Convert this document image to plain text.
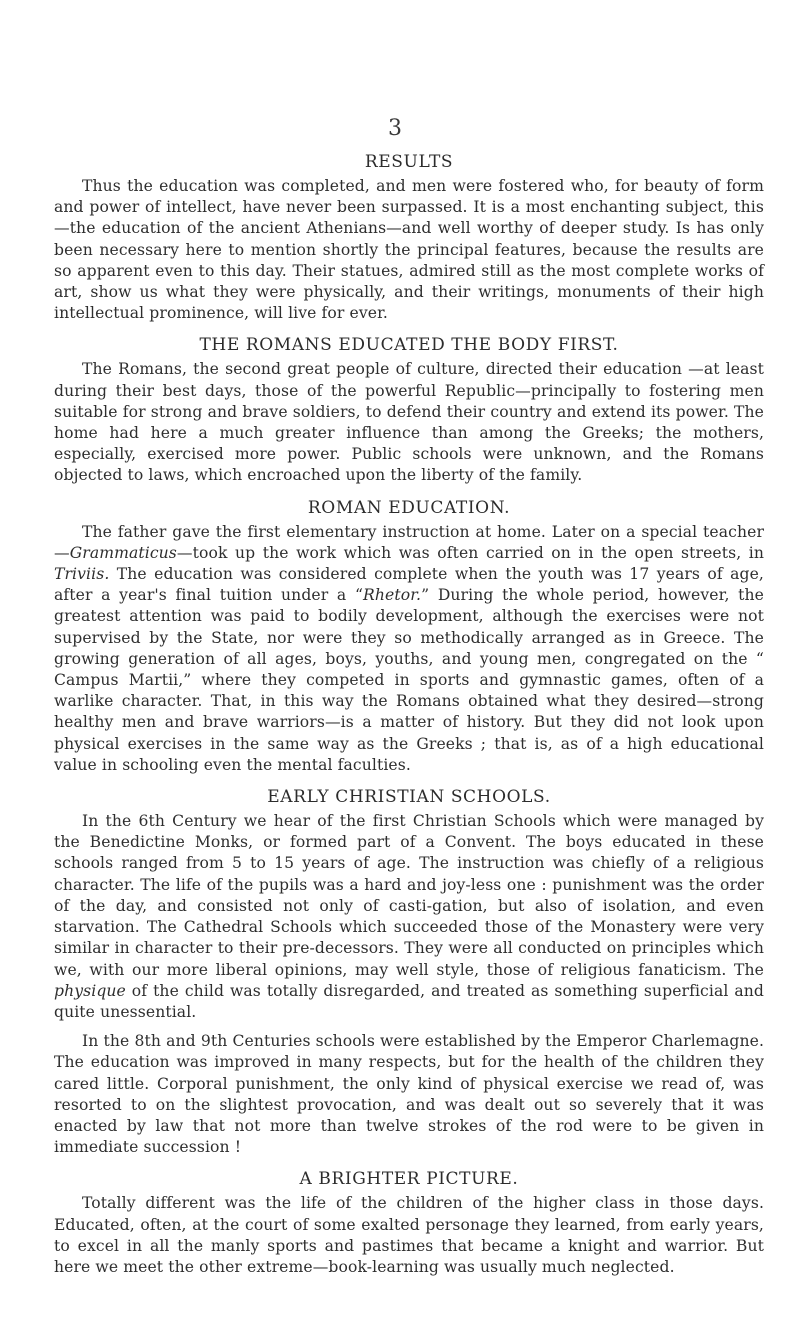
3
RESULTS

Thus the education was completed, and men were fostered who, for beauty of form and power of intellect, have never been surpassed. It is a most enchanting subject, this—the education of the ancient Athenians—and well worthy of deeper study. Is has only been necessary here to mention shortly the principal features, because the results are so apparent even to this day. Their statues, admired still as the most complete works of art, show us what they were physically, and their writings, monuments of their high intellectual prominence, will live for ever.

THE ROMANS EDUCATED THE BODY FIRST.

The Romans, the second great people of culture, directed their education —at least during their best days, those of the powerful Republic—principally to fostering men suitable for strong and brave soldiers, to defend their country and extend its power. The home had here a much greater influence than among the Greeks; the mothers, especially, exercised more power. Public schools were unknown, and the Romans objected to laws, which encroached upon the liberty of the family.

ROMAN EDUCATION.

The father gave the first elementary instruction at home. Later on a special teacher—Grammaticus—took up the work which was often carried on in the open streets, in Triviis. The education was considered complete when the youth was 17 years of age, after a year's final tuition under a “Rhetor.” During the whole period, however, the greatest attention was paid to bodily development, although the exercises were not supervised by the State, nor were they so methodically arranged as in Greece. The growing generation of all ages, boys, youths, and young men, congregated on the “ Campus Martii,” where they competed in sports and gymnastic games, often of a warlike character. That, in this way the Romans obtained what they desired—strong healthy men and brave warriors—is a matter of history. But they did not look upon physical exercises in the same way as the Greeks ; that is, as of a high educational value in schooling even the mental faculties.

EARLY CHRISTIAN SCHOOLS.

In the 6th Century we hear of the first Christian Schools which were managed by the Benedictine Monks, or formed part of a Convent. The boys educated in these schools ranged from 5 to 15 years of age. The instruction was chiefly of a religious character. The life of the pupils was a hard and joy-less one : punishment was the order of the day, and consisted not only of casti-gation, but also of isolation, and even starvation. The Cathedral Schools which succeeded those of the Monastery were very similar in character to their pre-decessors. They were all conducted on principles which we, with our more liberal opinions, may well style, those of religious fanaticism. The physique of the child was totally disregarded, and treated as something superficial and quite unessential.

In the 8th and 9th Centuries schools were established by the Emperor Charlemagne. The education was improved in many respects, but for the health of the children they cared little. Corporal punishment, the only kind of physical exercise we read of, was resorted to on the slightest provocation, and was dealt out so severely that it was enacted by law that not more than twelve strokes of the rod were to be given in immediate succession !

A BRIGHTER PICTURE.

Totally different was the life of the children of the higher class in those days. Educated, often, at the court of some exalted personage they learned, from early years, to excel in all the manly sports and pastimes that became a knight and warrior. But here we meet the other extreme—book-learning was usually much neglected.
